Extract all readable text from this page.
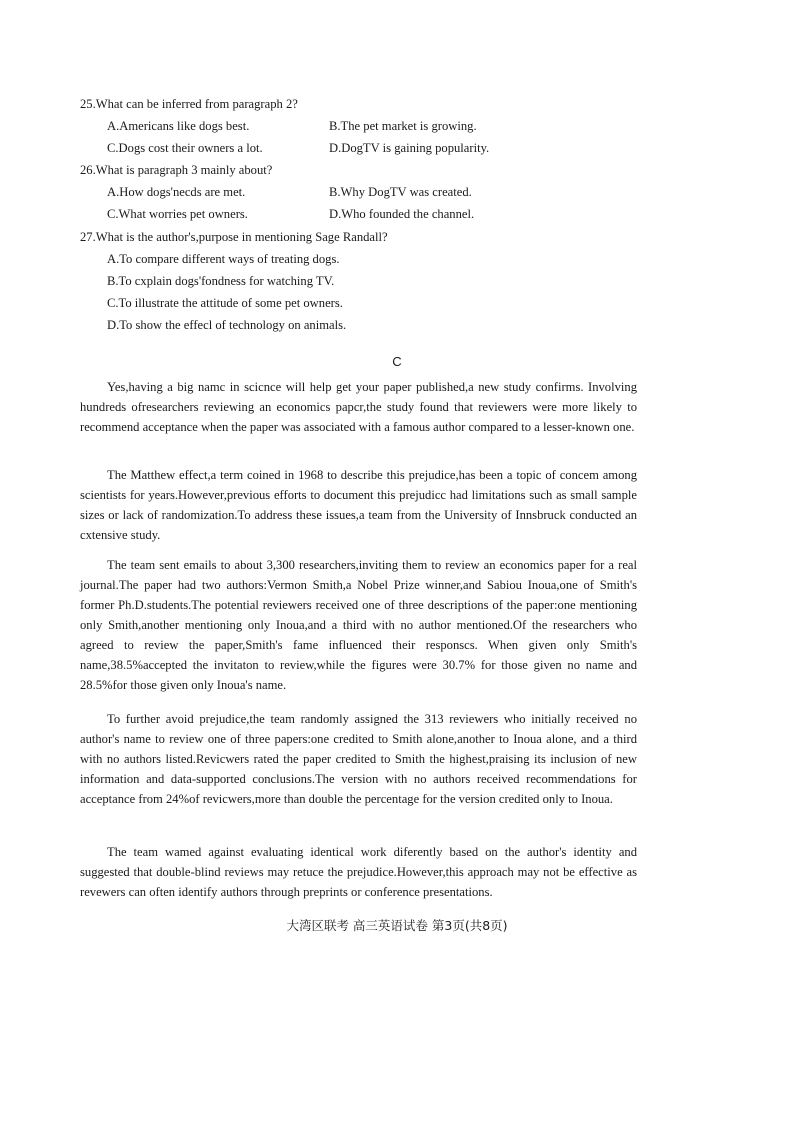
25.What can be inferred from paragraph 2?
A.Americans like dogs best.	B.The pet market is growing.
C.Dogs cost their owners a lot.	D.DogTV is gaining popularity.
26.What is paragraph 3 mainly about?
A.How dogs'necds are met.	B.Why DogTV was created.
C.What worries pet owners.	D.Who founded the channel.
27.What is the author's,purpose in mentioning Sage Randall?
A.To compare different ways of treating dogs.
B.To cxplain dogs'fondness for watching TV.
C.To illustrate the attitude of some pet owners.
D.To show the effecl of technology on animals.
C

Yes,having a big namc in scicnce will help get your paper published,a new study confirms. Involving hundreds ofresearchers reviewing an economics papcr,the study found that reviewers were more likely to recommend acceptance when the paper was associated with a famous author compared to a lesser-known one.

The Matthew effect,a term coined in 1968 to describe this prejudice,has been a topic of concem among scientists for years.However,previous efforts to document this prejudicc had limitations such as small sample sizes or lack of randomization.To address these issues,a team from the University of Innsbruck conducted an cxtensive study.

The team sent emails to about 3,300 researchers,inviting them to review an economics paper for a real journal.The paper had two authors:Vermon Smith,a Nobel Prize winner,and Sabiou Inoua,one of Smith's former Ph.D.students.The potential reviewers received one of three descriptions of the paper:one mentioning only Smith,another mentioning only Inoua,and a third with no author mentioned.Of the researchers who agreed to review the paper,Smith's fame influenced their responscs. When given only Smith's name,38.5%accepted the invitaton to review,while the figures were 30.7% for those given no name and 28.5%for those given only Inoua's name.

To further avoid prejudice,the team randomly assigned the 313 reviewers who initially received no author's name to review one of three papers:one credited to Smith alone,another to Inoua alone, and a third with no authors listed.Revicwers rated the paper credited to Smith the highest,praising its inclusion of new information and data-supported conclusions.The version with no authors received recommendations for acceptance from 24%of revicwers,more than double the percentage for the version credited only to Inoua.

The team wamed against evaluating identical work diferently based on the author's identity and suggested that double-blind reviews may retuce the prejudice.However,this approach may not be effective as revewers can often identify authors through preprints or conference presentations.

大湾区联考 高三英语试卷 第3页(共8页)
